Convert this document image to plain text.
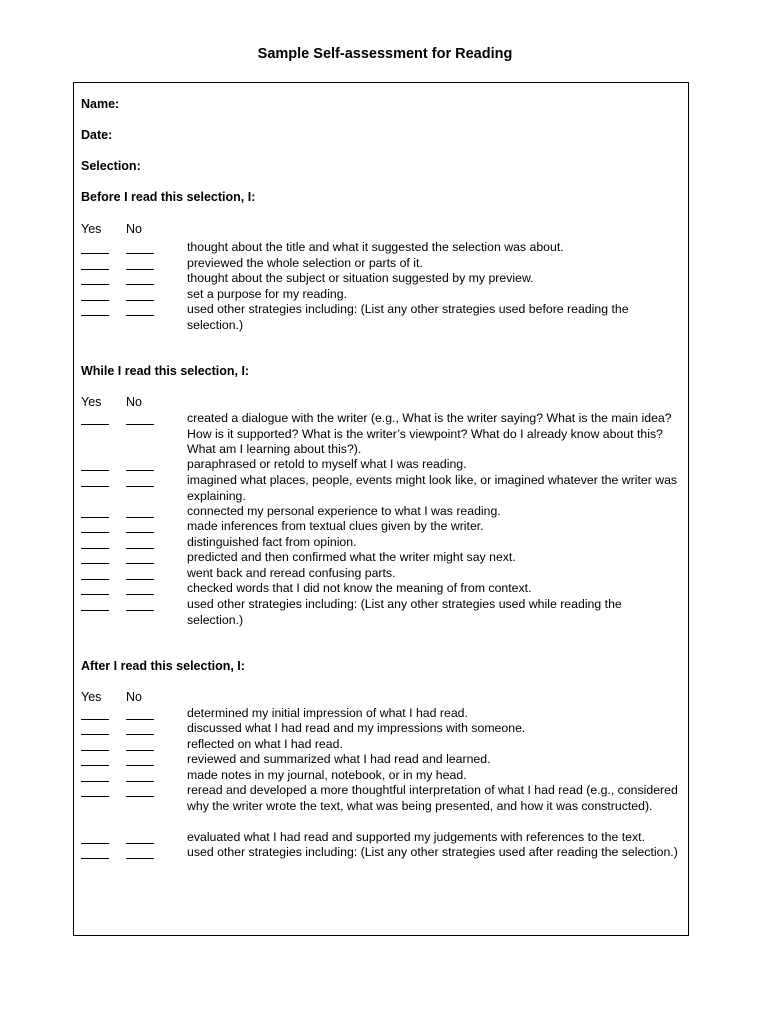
Sample Self-assessment for Reading
Name:
Date:
Selection:
Before I read this selection, I:
Yes No
thought about the title and what it suggested the selection was about.
previewed the whole selection or parts of it.
thought about the subject or situation suggested by my preview.
set a purpose for my reading.
used other strategies including: (List any other strategies used before reading the selection.)
While I read this selection, I:
Yes No
created a dialogue with the writer (e.g., What is the writer saying? What is the main idea? How is it supported? What is the writer’s viewpoint? What do I already know about this? What am I learning about this?).
paraphrased or retold to myself what I was reading.
imagined what places, people, events might look like, or imagined whatever the writer was explaining.
connected my personal experience to what I was reading.
made inferences from textual clues given by the writer.
distinguished fact from opinion.
predicted and then confirmed what the writer might say next.
went back and reread confusing parts.
checked words that I did not know the meaning of from context.
used other strategies including: (List any other strategies used while reading the selection.)
After I read this selection, I:
Yes No
determined my initial impression of what I had read.
discussed what I had read and my impressions with someone.
reflected on what I had read.
reviewed and summarized what I had read and learned.
made notes in my journal, notebook, or in my head.
reread and developed a more thoughtful interpretation of what I had read (e.g., considered why the writer wrote the text, what was being presented, and how it was constructed).
evaluated what I had read and supported my judgements with references to the text.
used other strategies including: (List any other strategies used after reading the selection.)
